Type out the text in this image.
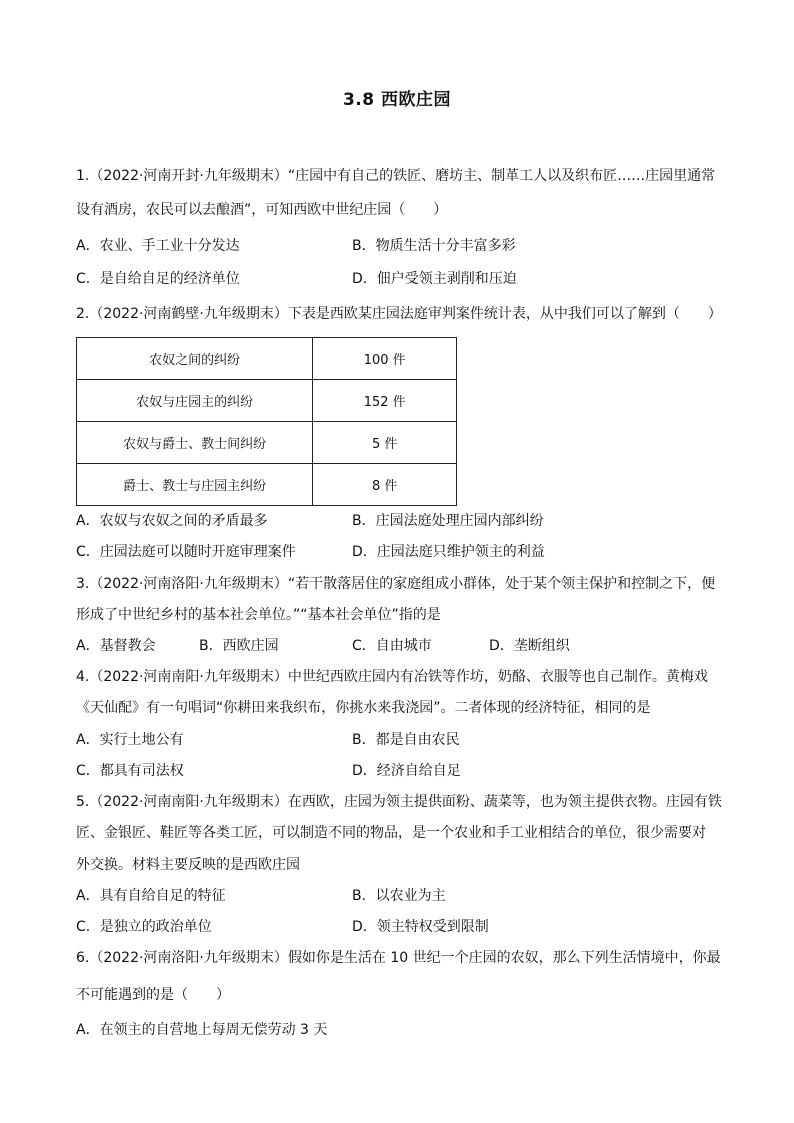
3.8 西欧庄园
1.（2022·河南开封·九年级期末）“庄园中有自己的铁匠、磨坊主、制革工人以及织布匠……庄园里通常
设有酒房，农民可以去酿酒”，可知西欧中世纪庄园（　　）
A．农业、手工业十分发达	B．物质生活十分丰富多彩
C．是自给自足的经济单位	D．佃户受领主剥削和压迫
2.（2022·河南鹤壁·九年级期末）下表是西欧某庄园法庭审判案件统计表，从中我们可以了解到（　　）
农奴之间的纠纷	100 件
农奴与庄园主的纠纷	152 件
农奴与爵士、教士间纠纷	5 件
爵士、教士与庄园主纠纷	8 件
A．农奴与农奴之间的矛盾最多	B．庄园法庭处理庄园内部纠纷
C．庄园法庭可以随时开庭审理案件	D．庄园法庭只维护领主的利益
3.（2022·河南洛阳·九年级期末）“若干散落居住的家庭组成小群体，处于某个领主保护和控制之下，便
形成了中世纪乡村的基本社会单位。”“基本社会单位”指的是
A．基督教会	B．西欧庄园	C．自由城市	D．垄断组织
4.（2022·河南南阳·九年级期末）中世纪西欧庄园内有冶铁等作坊，奶酪、衣服等也自己制作。黄梅戏
《天仙配》有一句唱词“你耕田来我织布，你挑水来我浇园”。二者体现的经济特征，相同的是
A．实行土地公有	B．都是自由农民
C．都具有司法权	D．经济自给自足
5.（2022·河南南阳·九年级期末）在西欧，庄园为领主提供面粉、蔬菜等，也为领主提供衣物。庄园有铁
匠、金银匠、鞋匠等各类工匠，可以制造不同的物品，是一个农业和手工业相结合的单位，很少需要对
外交换。材料主要反映的是西欧庄园
A．具有自给自足的特征	B．以农业为主
C．是独立的政治单位	D．领主特权受到限制
6.（2022·河南洛阳·九年级期末）假如你是生活在 10 世纪一个庄园的农奴，那么下列生活情境中，你最
不可能遇到的是（　　）
A．在领主的自营地上每周无偿劳动 3 天
